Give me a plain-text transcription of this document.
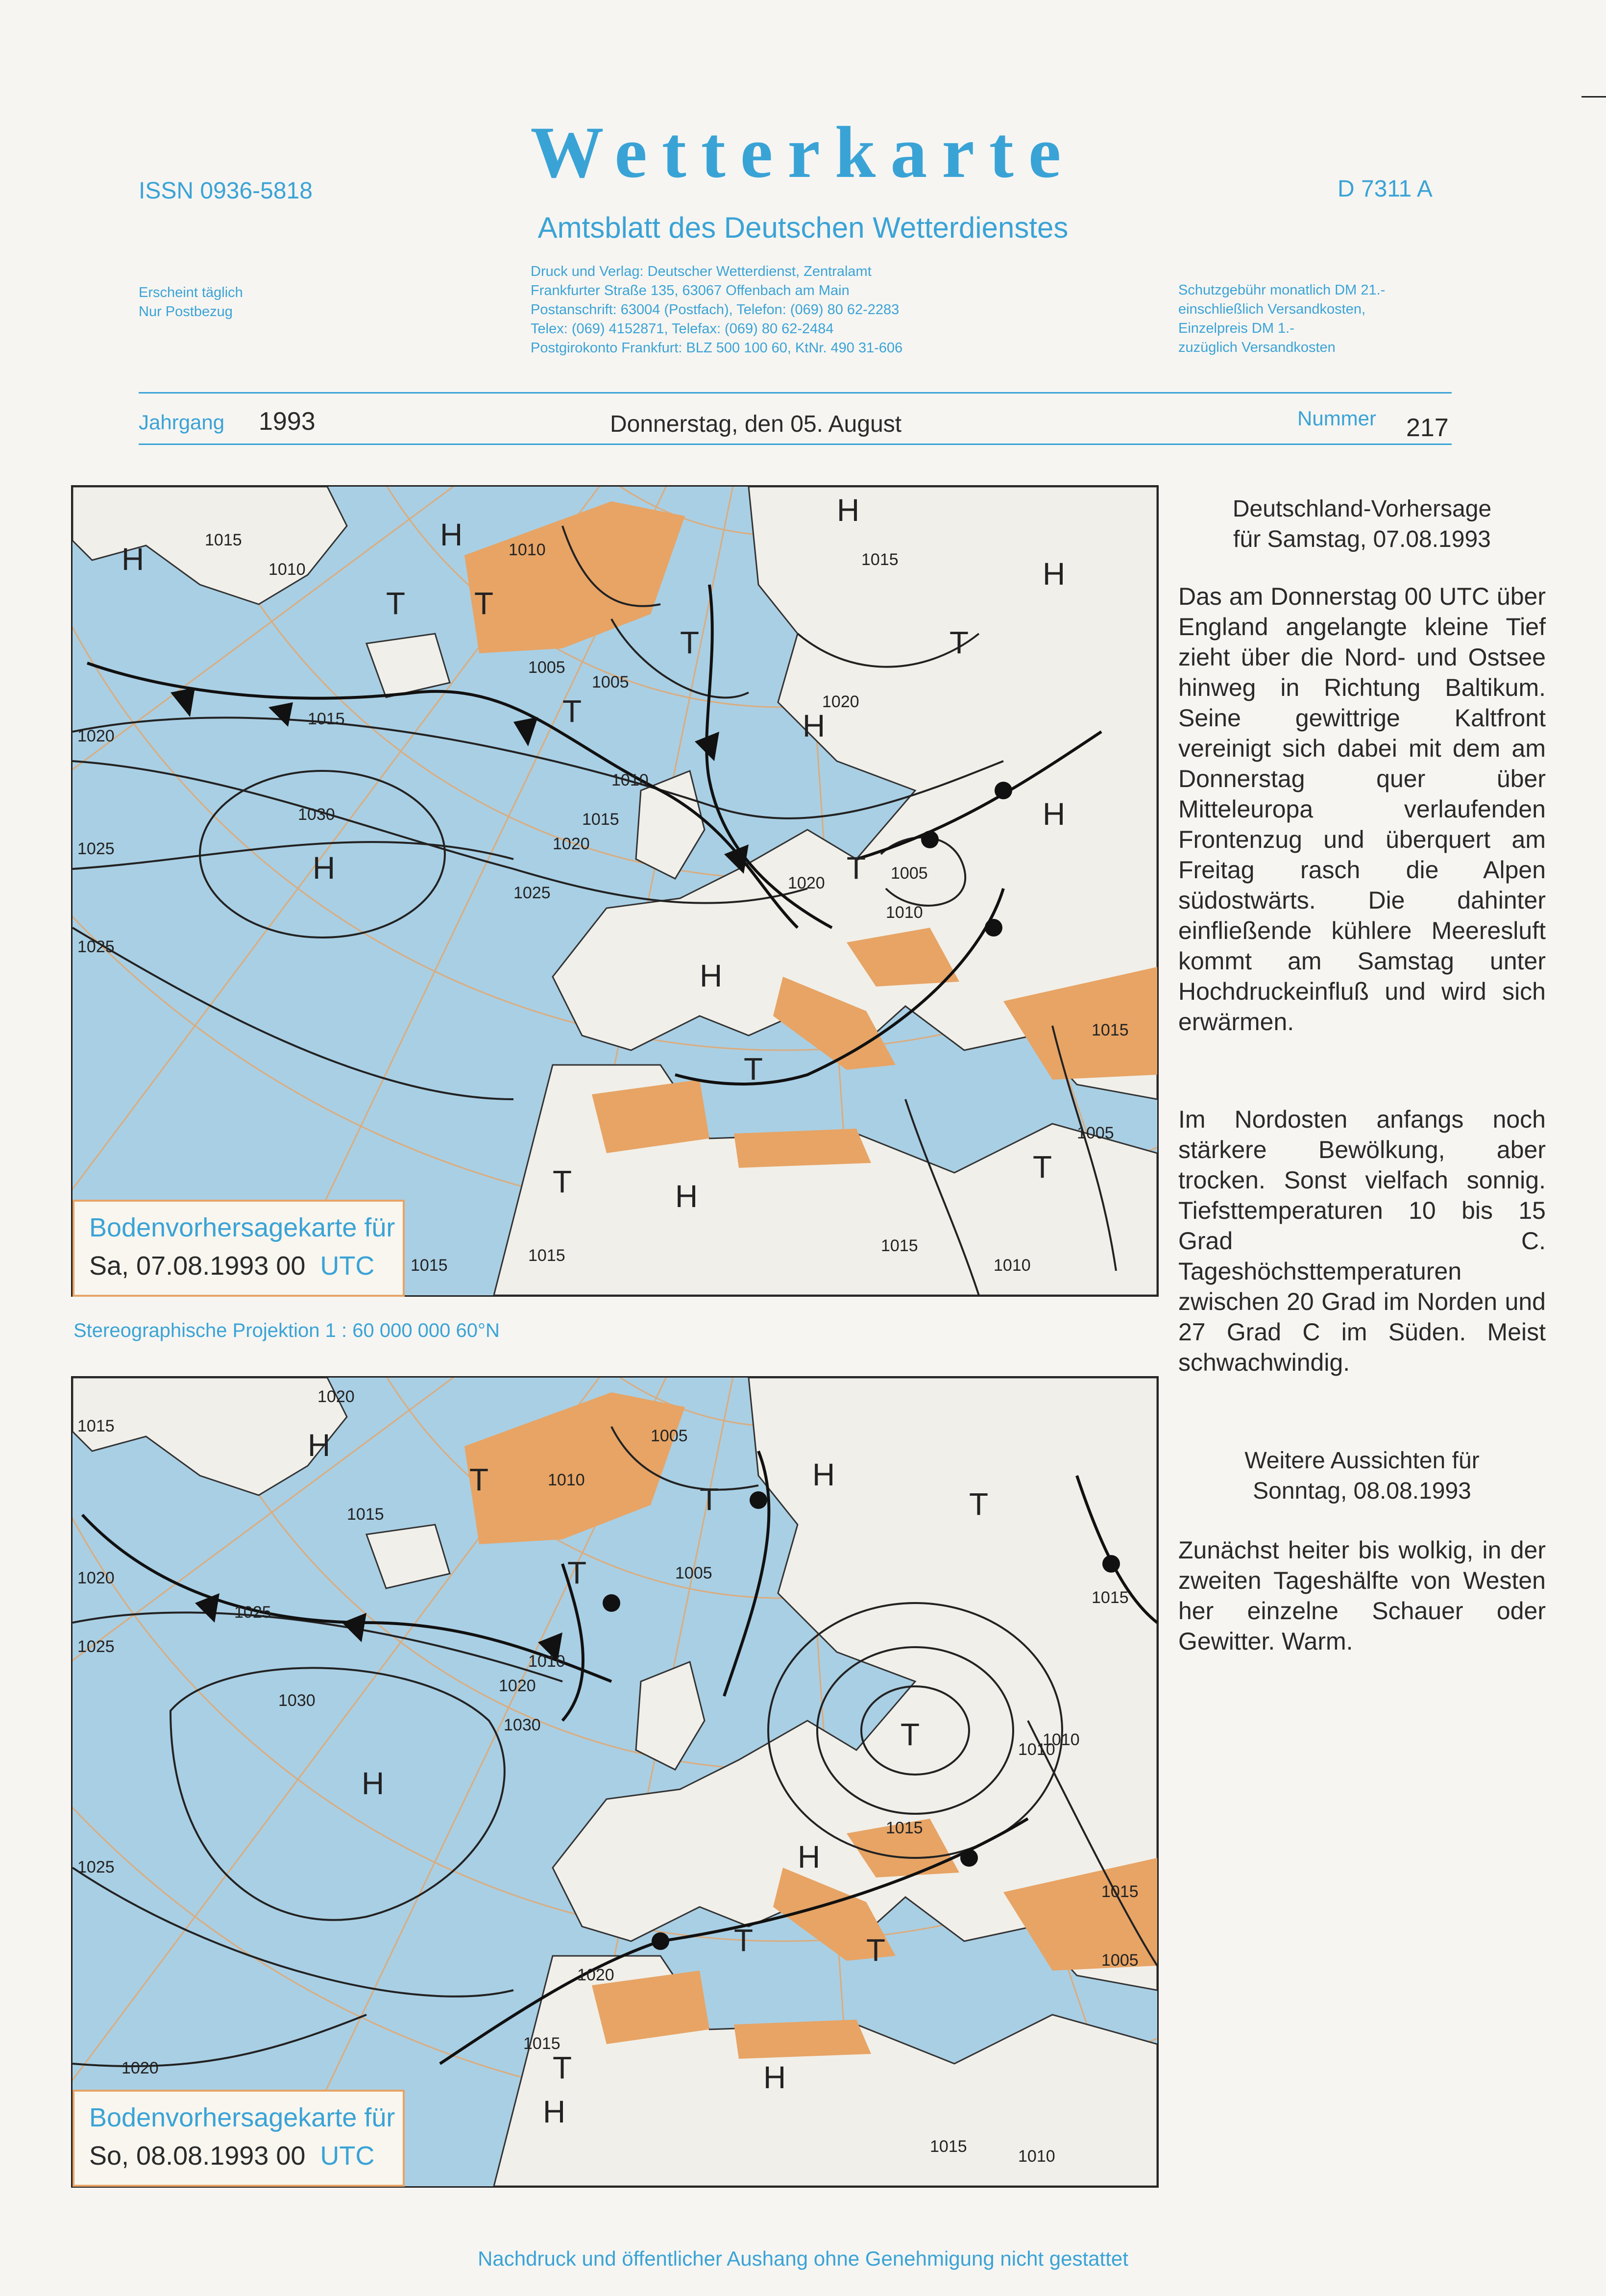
ISSN 0936-5818	Wetterkarte	D 7311 A
Amtsblatt des Deutschen Wetterdienstes
Erscheint täglich
Nur Postbezug
Druck und Verlag: Deutscher Wetterdienst, Zentralamt
Frankfurter Straße 135, 63067 Offenbach am Main
Postanschrift: 63004 (Postfach), Telefon: (069) 80 62-2283
Telex: (069) 4152871, Telefax: (069) 80 62-2484
Postgirokonto Frankfurt: BLZ 500 100 60, KtNr. 490 31-606
Schutzgebühr monatlich DM 21.-
einschließlich Versandkosten,
Einzelpreis DM 1.-
zuzüglich Versandkosten
Jahrgang 1993	Donnerstag, den 05. August	Nummer 217
H
H
H
H
H
H
H
H
H
T T
T
T
T
T
T
T	T
1015
1010
1010
1005
1005
1020
1015
1030
1025
1025
1020
1010
1015
1020
1025
1020
1005
1010
1015
1015
1010
1005
1015
1015
1015
Bodenvorhersagekarte für
Sa, 07.08.1993 00 UTC
Stereographische Projektion 1 : 60 000 000 60°N
H
H
H
H
H
H
T
T
T
T
T
T	T
T
1020
1015
1005
1010
1005
1020
1025
1015
1030
1030
1025
1020
1010
1015
1020
1025
1015
1010
1015
1010
1005
1020
1015
1015
1010
Bodenvorhersagekarte für
So, 08.08.1993 00 UTC
Deutschland-Vorhersage
für Samstag, 07.08.1993
Das am Donnerstag 00 UTC über England angelangte kleine Tief zieht über die Nord- und Ostsee hinweg in Richtung Baltikum. Seine gewittrige Kaltfront vereinigt sich dabei mit dem am Donnerstag quer über Mitteleuropa verlaufenden Frontenzug und überquert am Freitag rasch die Alpen südostwärts. Die dahinter einfließende kühlere Meeresluft kommt am Samstag unter Hochdruckeinfluß und wird sich erwärmen.
Im Nordosten anfangs noch stärkere Bewölkung, aber trocken. Sonst vielfach sonnig. Tiefsttemperaturen 10 bis 15 Grad C. Tageshöchsttemperaturen zwischen 20 Grad im Norden und 27 Grad C im Süden. Meist schwachwindig.
Weitere Aussichten für
Sonntag, 08.08.1993
Zunächst heiter bis wolkig, in der zweiten Tageshälfte von Westen her einzelne Schauer oder Gewitter. Warm.
Nachdruck und öffentlicher Aushang ohne Genehmigung nicht gestattet
